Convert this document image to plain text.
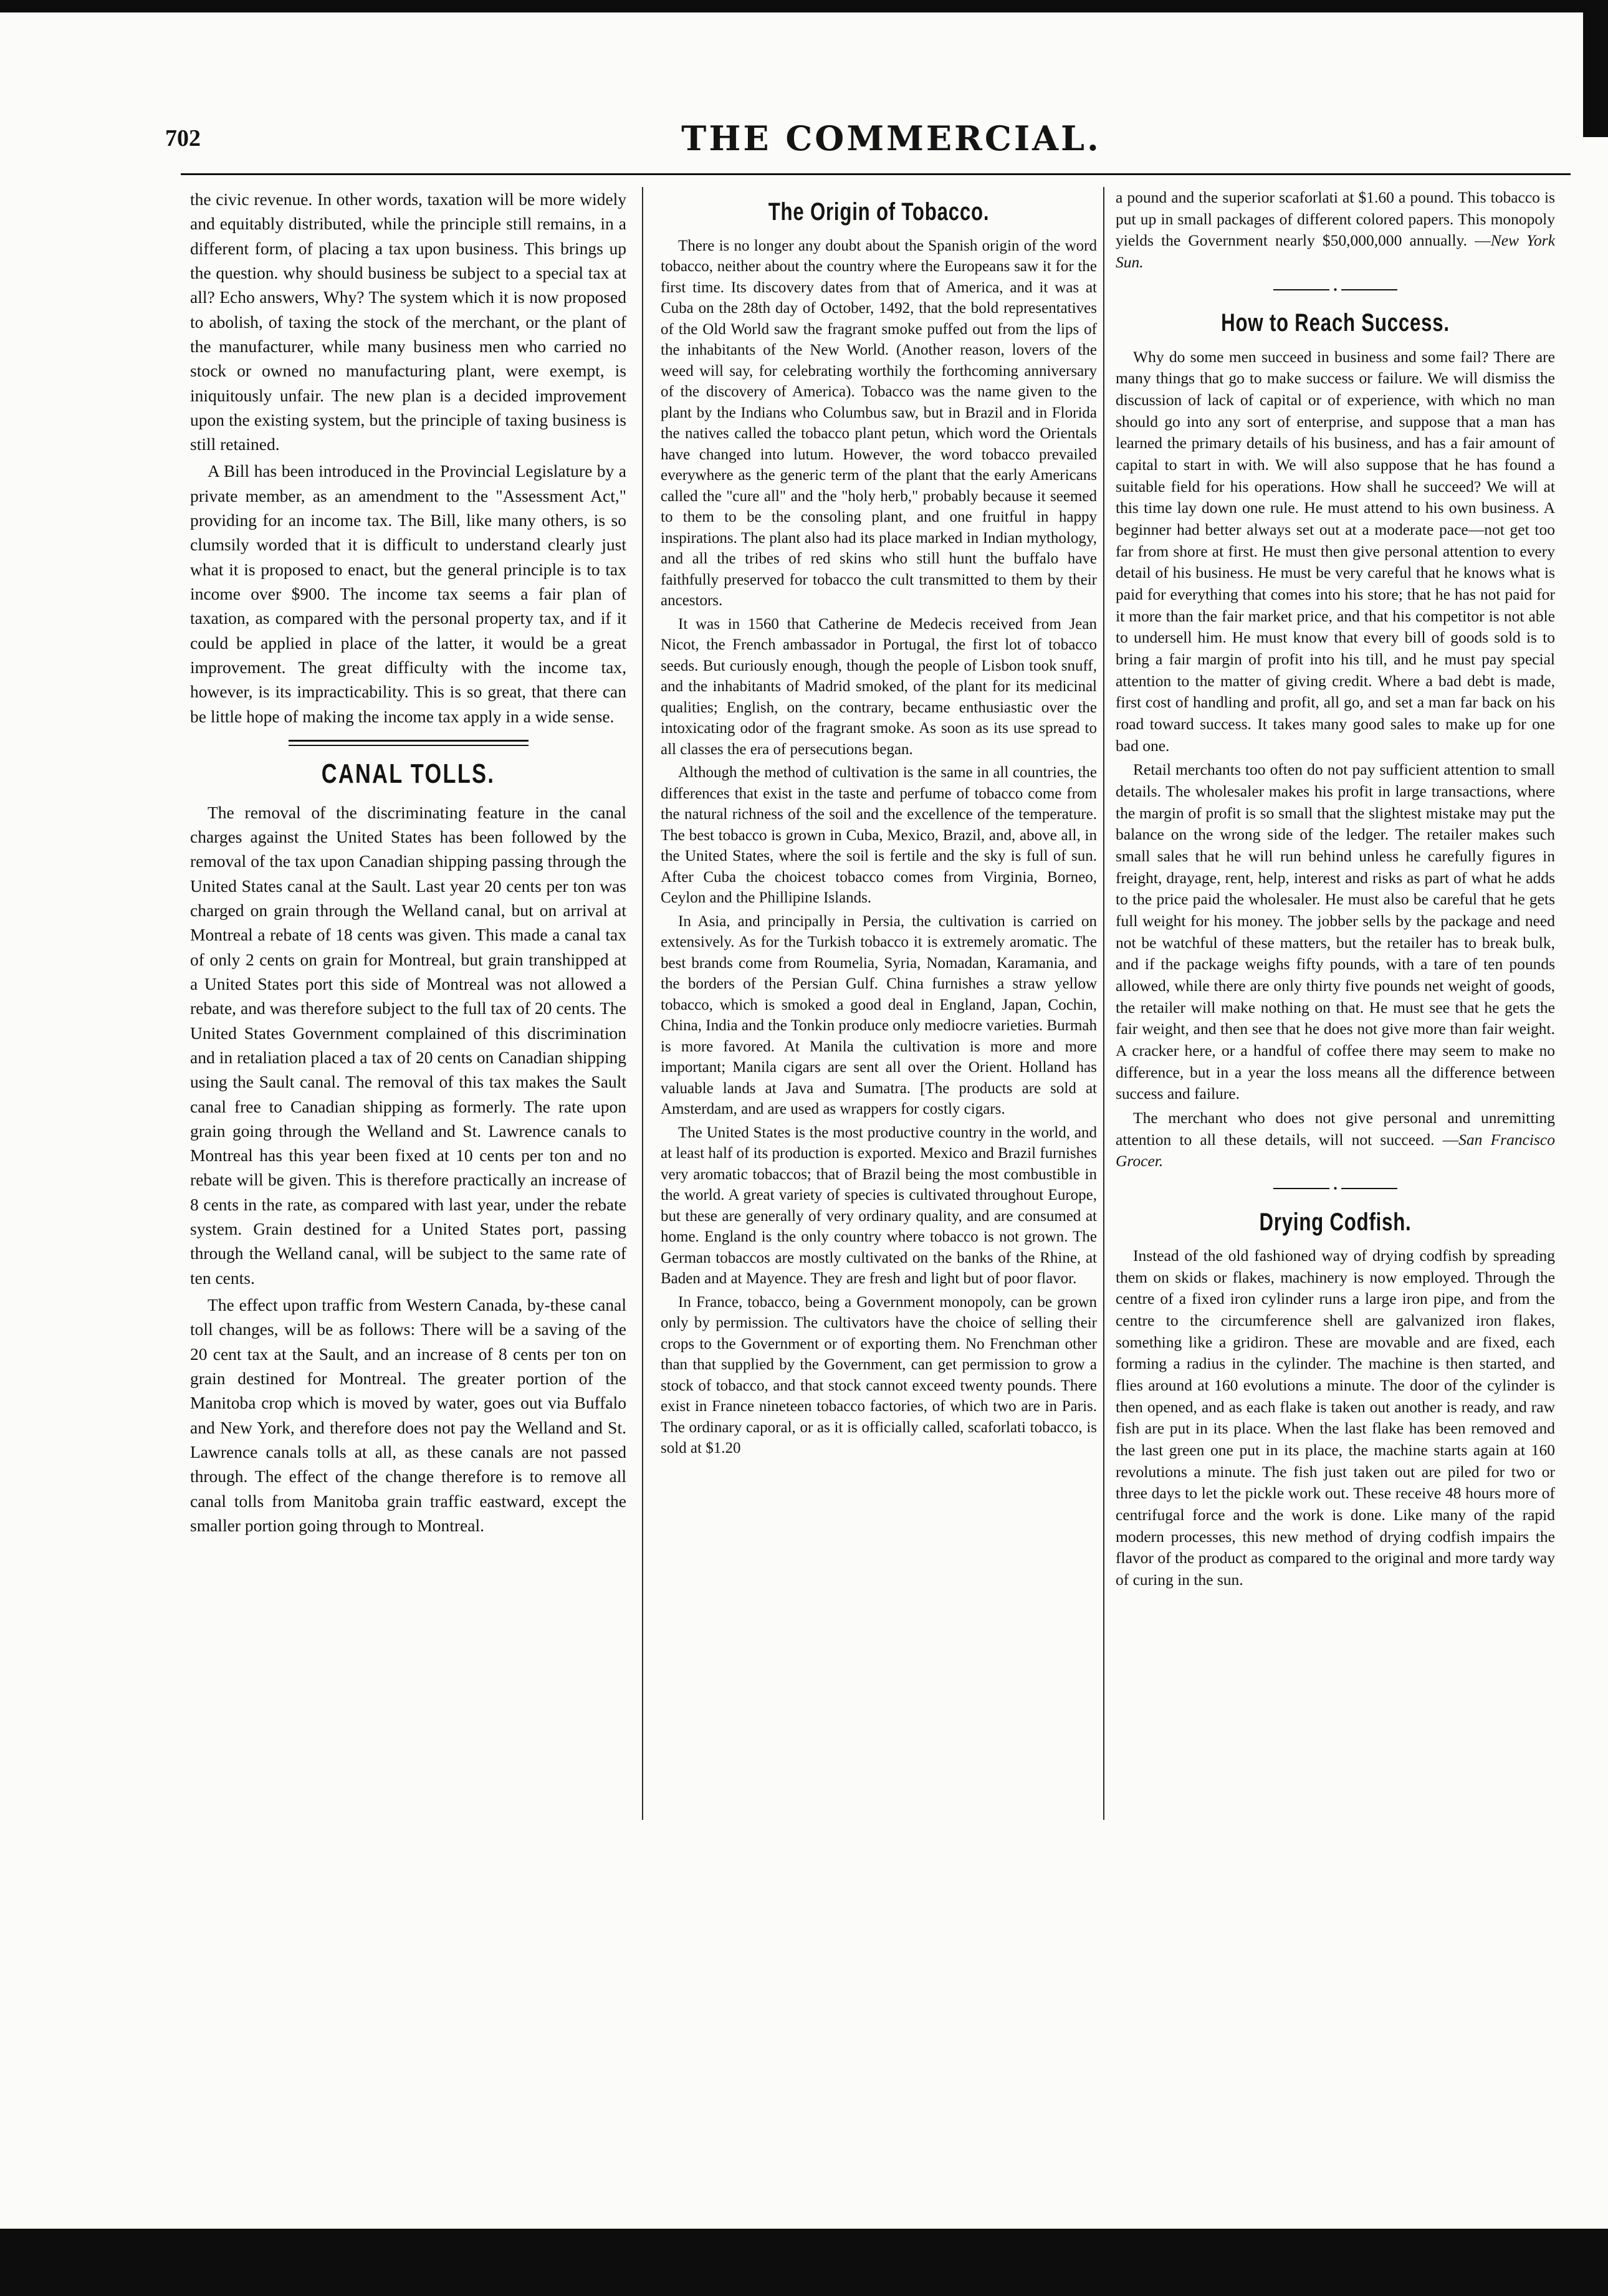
702	THE COMMERCIAL.

the civic revenue. In other words, taxation will be more widely and equitably distributed, while the principle still remains, in a different form, of placing a tax upon business. This brings up the question. why should business be subject to a special tax at all? Echo answers, Why? The system which it is now proposed to abolish, of taxing the stock of the merchant, or the plant of the manufacturer, while many business men who carried no stock or owned no manufacturing plant, were exempt, is iniquitously unfair. The new plan is a decided improvement upon the existing system, but the principle of taxing business is still retained.

A Bill has been introduced in the Provincial Legislature by a private member, as an amendment to the "Assessment Act," providing for an income tax. The Bill, like many others, is so clumsily worded that it is difficult to understand clearly just what it is proposed to enact, but the general principle is to tax income over $900. The income tax seems a fair plan of taxation, as compared with the personal property tax, and if it could be applied in place of the latter, it would be a great improvement. The great difficulty with the income tax, however, is its impracticability. This is so great, that there can be little hope of making the income tax apply in a wide sense.

CANAL TOLLS.

The removal of the discriminating feature in the canal charges against the United States has been followed by the removal of the tax upon Canadian shipping passing through the United States canal at the Sault. Last year 20 cents per ton was charged on grain through the Welland canal, but on arrival at Montreal a rebate of 18 cents was given. This made a canal tax of only 2 cents on grain for Montreal, but grain transhipped at a United States port this side of Montreal was not allowed a rebate, and was therefore subject to the full tax of 20 cents. The United States Government complained of this discrimination and in retaliation placed a tax of 20 cents on Canadian shipping using the Sault canal. The removal of this tax makes the Sault canal free to Canadian shipping as formerly. The rate upon grain going through the Welland and St. Lawrence canals to Montreal has this year been fixed at 10 cents per ton and no rebate will be given. This is therefore practically an increase of 8 cents in the rate, as compared with last year, under the rebate system. Grain destined for a United States port, passing through the Welland canal, will be subject to the same rate of ten cents.

The effect upon traffic from Western Canada, by-these canal toll changes, will be as follows: There will be a saving of the 20 cent tax at the Sault, and an increase of 8 cents per ton on grain destined for Montreal. The greater portion of the Manitoba crop which is moved by water, goes out via Buffalo and New York, and therefore does not pay the Welland and St. Lawrence canals tolls at all, as these canals are not passed through. The effect of the change therefore is to remove all canal tolls from Manitoba grain traffic eastward, except the smaller portion going through to Montreal.

The Origin of Tobacco.

There is no longer any doubt about the Spanish origin of the word tobacco, neither about the country where the Europeans saw it for the first time. Its discovery dates from that of America, and it was at Cuba on the 28th day of October, 1492, that the bold representatives of the Old World saw the fragrant smoke puffed out from the lips of the inhabitants of the New World. (Another reason, lovers of the weed will say, for celebrating worthily the forthcoming anniversary of the discovery of America). Tobacco was the name given to the plant by the Indians who Columbus saw, but in Brazil and in Florida the natives called the tobacco plant petun, which word the Orientals have changed into lutum. However, the word tobacco prevailed everywhere as the generic term of the plant that the early Americans called the "cure all" and the "holy herb," probably because it seemed to them to be the consoling plant, and one fruitful in happy inspirations. The plant also had its place marked in Indian mythology, and all the tribes of red skins who still hunt the buffalo have faithfully preserved for tobacco the cult transmitted to them by their ancestors.

It was in 1560 that Catherine de Medecis received from Jean Nicot, the French ambassador in Portugal, the first lot of tobacco seeds. But curiously enough, though the people of Lisbon took snuff, and the inhabitants of Madrid smoked, of the plant for its medicinal qualities; English, on the contrary, became enthusiastic over the intoxicating odor of the fragrant smoke. As soon as its use spread to all classes the era of persecutions began.

Although the method of cultivation is the same in all countries, the differences that exist in the taste and perfume of tobacco come from the natural richness of the soil and the excellence of the temperature. The best tobacco is grown in Cuba, Mexico, Brazil, and, above all, in the United States, where the soil is fertile and the sky is full of sun. After Cuba the choicest tobacco comes from Virginia, Borneo, Ceylon and the Phillipine Islands.

In Asia, and principally in Persia, the cultivation is carried on extensively. As for the Turkish tobacco it is extremely aromatic. The best brands come from Roumelia, Syria, Nomadan, Karamania, and the borders of the Persian Gulf. China furnishes a straw yellow tobacco, which is smoked a good deal in England, Japan, Cochin, China, India and the Tonkin produce only mediocre varieties. Burmah is more favored. At Manila the cultivation is more and more important; Manila cigars are sent all over the Orient. Holland has valuable lands at Java and Sumatra. [The products are sold at Amsterdam, and are used as wrappers for costly cigars.

The United States is the most productive country in the world, and at least half of its production is exported. Mexico and Brazil furnishes very aromatic tobaccos; that of Brazil being the most combustible in the world. A great variety of species is cultivated throughout Europe, but these are generally of very ordinary quality, and are consumed at home. England is the only country where tobacco is not grown. The German tobaccos are mostly cultivated on the banks of the Rhine, at Baden and at Mayence. They are fresh and light but of poor flavor.

In France, tobacco, being a Government monopoly, can be grown only by permission. The cultivators have the choice of selling their crops to the Government or of exporting them. No Frenchman other than that supplied by the Government, can get permission to grow a stock of tobacco, and that stock cannot exceed twenty pounds. There exist in France nineteen tobacco factories, of which two are in Paris. The ordinary caporal, or as it is officially called, scaforlati tobacco, is sold at $1.20

a pound and the superior scaforlati at $1.60 a pound. This tobacco is put up in small packages of different colored papers. This monopoly yields the Government nearly $50,000,000 annually. —New York Sun.

•
How to Reach Success.

Why do some men succeed in business and some fail? There are many things that go to make success or failure. We will dismiss the discussion of lack of capital or of experience, with which no man should go into any sort of enterprise, and suppose that a man has learned the primary details of his business, and has a fair amount of capital to start in with. We will also suppose that he has found a suitable field for his operations. How shall he succeed? We will at this time lay down one rule. He must attend to his own business. A beginner had better always set out at a moderate pace—not get too far from shore at first. He must then give personal attention to every detail of his business. He must be very careful that he knows what is paid for everything that comes into his store; that he has not paid for it more than the fair market price, and that his competitor is not able to undersell him. He must know that every bill of goods sold is to bring a fair margin of profit into his till, and he must pay special attention to the matter of giving credit. Where a bad debt is made, first cost of handling and profit, all go, and set a man far back on his road toward success. It takes many good sales to make up for one bad one.

Retail merchants too often do not pay sufficient attention to small details. The wholesaler makes his profit in large transactions, where the margin of profit is so small that the slightest mistake may put the balance on the wrong side of the ledger. The retailer makes such small sales that he will run behind unless he carefully figures in freight, drayage, rent, help, interest and risks as part of what he adds to the price paid the wholesaler. He must also be careful that he gets full weight for his money. The jobber sells by the package and need not be watchful of these matters, but the retailer has to break bulk, and if the package weighs fifty pounds, with a tare of ten pounds allowed, while there are only thirty five pounds net weight of goods, the retailer will make nothing on that. He must see that he gets the fair weight, and then see that he does not give more than fair weight. A cracker here, or a handful of coffee there may seem to make no difference, but in a year the loss means all the difference between success and failure.

The merchant who does not give personal and unremitting attention to all these details, will not succeed. —San Francisco Grocer.

•
Drying Codfish.

Instead of the old fashioned way of drying codfish by spreading them on skids or flakes, machinery is now employed. Through the centre of a fixed iron cylinder runs a large iron pipe, and from the centre to the circumference shell are galvanized iron flakes, something like a gridiron. These are movable and are fixed, each forming a radius in the cylinder. The machine is then started, and flies around at 160 evolutions a minute. The door of the cylinder is then opened, and as each flake is taken out another is ready, and raw fish are put in its place. When the last flake has been removed and the last green one put in its place, the machine starts again at 160 revolutions a minute. The fish just taken out are piled for two or three days to let the pickle work out. These receive 48 hours more of centrifugal force and the work is done. Like many of the rapid modern processes, this new method of drying codfish impairs the flavor of the product as compared to the original and more tardy way of curing in the sun.
